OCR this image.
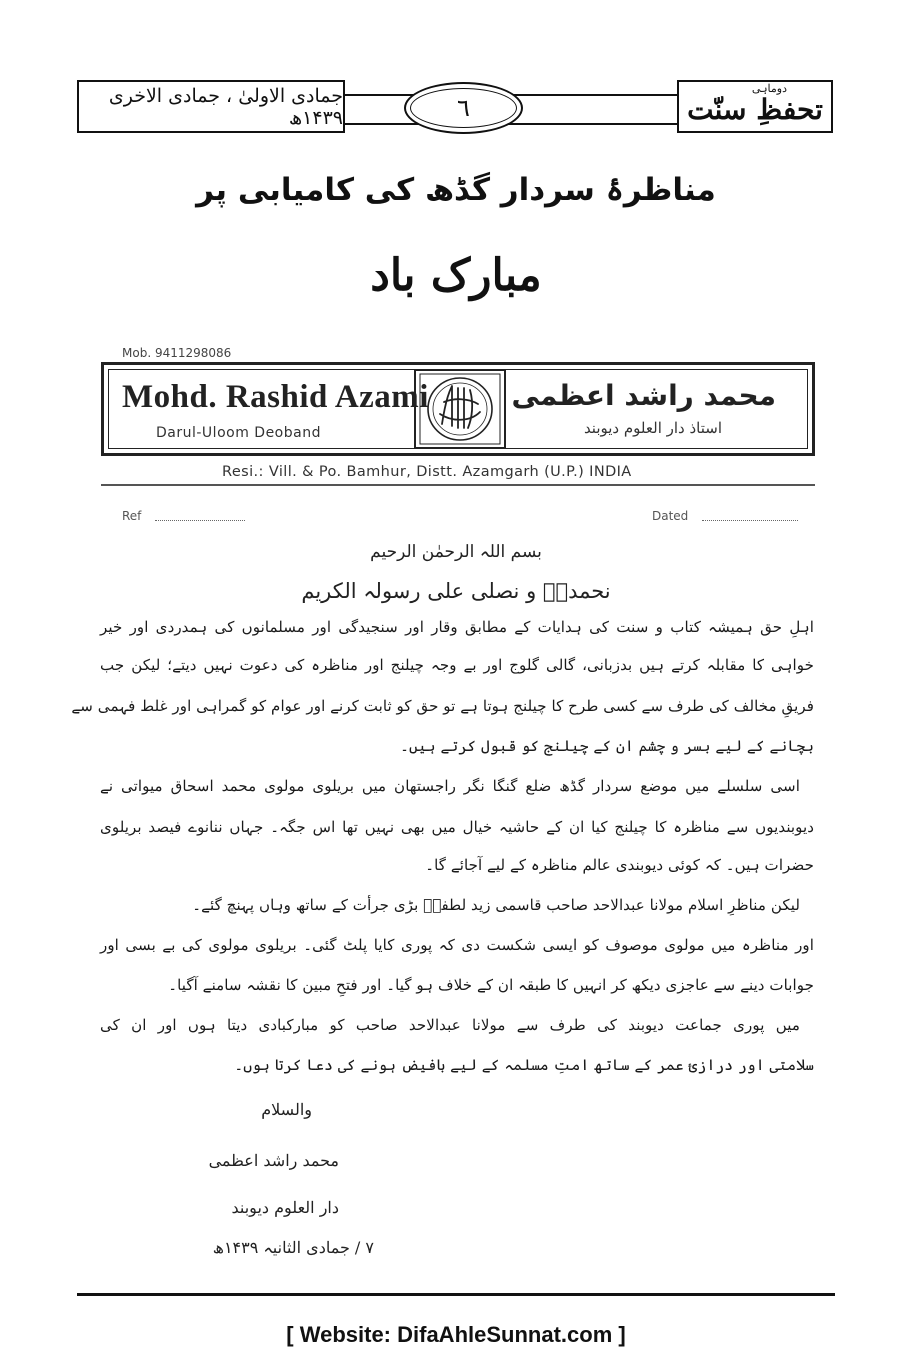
جمادی الاولیٰ ، جمادی الاخری ۱۴۳۹ھ	٦
دوماہی
تحفظِ سنّت
مناظرۂ سردار گڈھ کی کامیابی پر
مبارک باد
Mob. 9411298086
Mohd. Rashid Azami
Darul-Uloom Deoband
محمد راشد اعظمی
استاذ دار العلوم دیوبند
Resi.: Vill. & Po. Bamhur, Distt. Azamgarh (U.P.) INDIA
Ref	Dated
بسم اللہ الرحمٰن الرحیم
نحمدہٗ و نصلی علی رسولہ الکریم
اہلِ حق ہمیشہ کتاب و سنت کی ہدایات کے مطابق وقار اور سنجیدگی اور مسلمانوں کی ہمدردی اور خیر
خواہی کا مقابلہ کرتے ہیں بدزبانی، گالی گلوج اور بے وجہ چیلنج اور مناظرہ کی دعوت نہیں دیتے؛ لیکن جب
فریقِ مخالف کی طرف سے کسی طرح کا چیلنج ہوتا ہے تو حق کو ثابت کرنے اور عوام کو گمراہی اور غلط فہمی سے
بچانے کے لیے بسر و چشم ان کے چیلنج کو قبول کرتے ہیں۔
اسی سلسلے میں موضع سردار گڈھ ضلع گنگا نگر راجستھان میں بریلوی مولوی محمد اسحاق میواتی نے
دیوبندیوں سے مناظرہ کا چیلنج کیا ان کے حاشیہ خیال میں بھی نہیں تھا اس جگہ۔ جہاں ننانوے فیصد بریلوی
حضرات ہیں۔ کہ کوئی دیوبندی عالم مناظرہ کے لیے آجائے گا۔
لیکن مناظرِ اسلام مولانا عبدالاحد صاحب قاسمی زید لطفہٗ بڑی جرأت کے ساتھ وہاں پہنچ گئے۔
اور مناظرہ میں مولوی موصوف کو ایسی شکست دی کہ پوری کایا پلٹ گئی۔ بریلوی مولوی کی بے بسی اور
جوابات دینے سے عاجزی دیکھ کر انہیں کا طبقہ ان کے خلاف ہو گیا۔ اور فتحِ مبین کا نقشہ سامنے آگیا۔
میں پوری جماعت دیوبند کی طرف سے مولانا عبدالاحد صاحب کو مبارکبادی دیتا ہوں اور ان کی
سلامتی اور درازئ عمر کے ساتھ امتِ مسلمہ کے لیے بافیض ہونے کی دعا کرتا ہوں۔
والسلام
محمد راشد اعظمی
دار العلوم دیوبند
۷ / جمادی الثانیہ ۱۴۳۹ھ
[ Website: DifaAhleSunnat.com ]
